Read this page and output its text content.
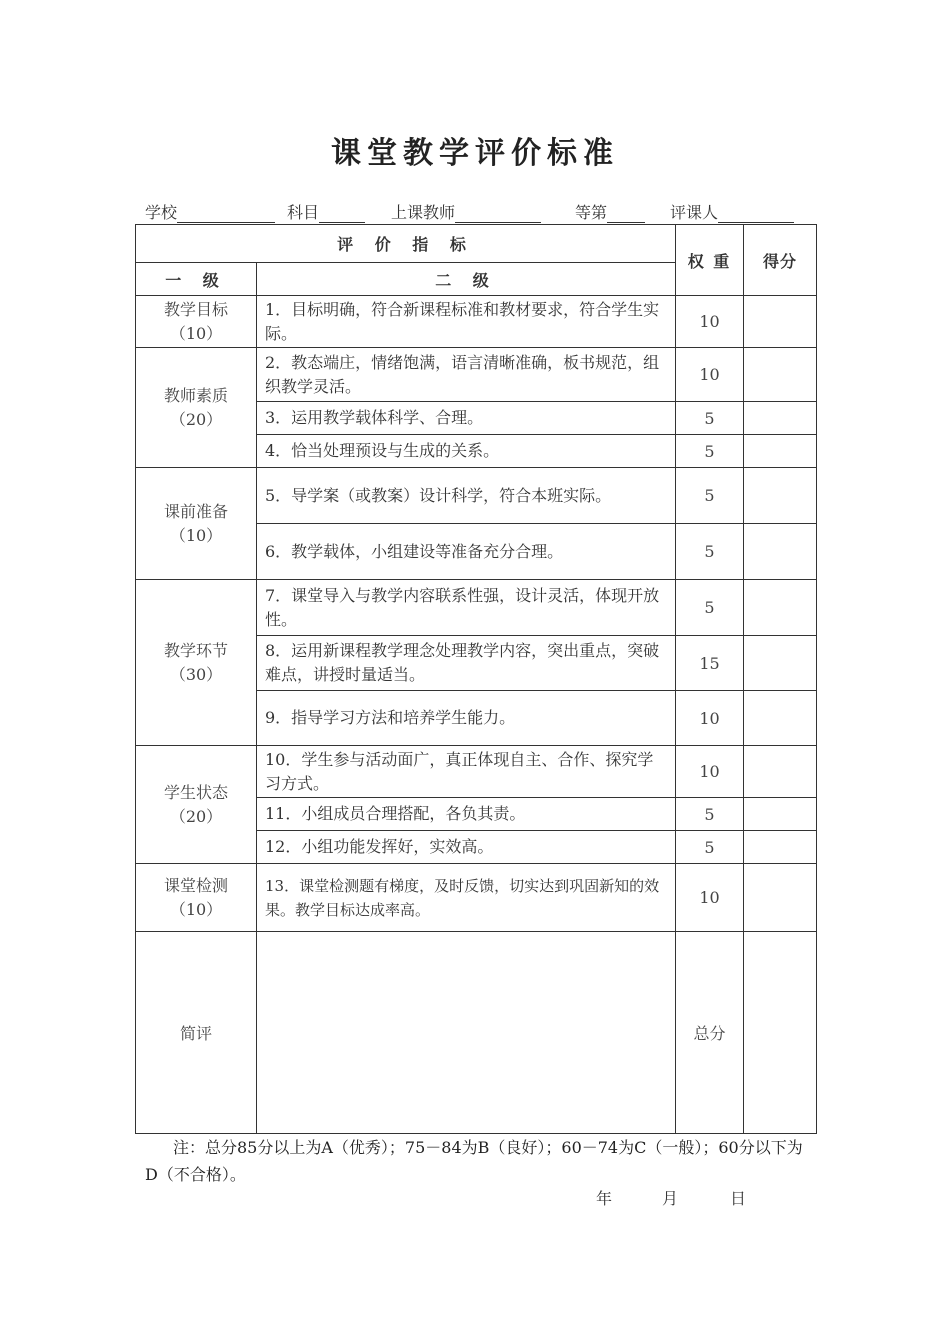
课堂教学评价标准
学校	科目	上课教师	等第	评课人
评 价 指 标		权 重	得分
一 级	二 级		

教学目标
（10）	1．目标明确，符合新课程标准和教材要求，符合学生实际。	10	

教师素质
（20）	2．教态端庄，情绪饱满，语言清晰准确，板书规范，组织教学灵活。	10	
	3．运用教学载体科学、合理。	5	
	4．恰当处理预设与生成的关系。	5	

课前准备
（10）	5．导学案（或教案）设计科学，符合本班实际。	5	
	6．教学载体，小组建设等准备充分合理。	5	

教学环节
（30）	7．课堂导入与教学内容联系性强，设计灵活，体现开放性。	5	
	8．运用新课程教学理念处理教学内容，突出重点，突破难点，讲授时量适当。	15	
	9．指导学习方法和培养学生能力。	10	

学生状态
（20）	10．学生参与活动面广，真正体现自主、合作、探究学习方式。	10	
	11．小组成员合理搭配，各负其责。	5	
	12．小组功能发挥好，实效高。	5	

课堂检测
（10）	13．课堂检测题有梯度，及时反馈，切实达到巩固新知的效果。教学目标达成率高。	10	
简评		总分	
注：总分85分以上为A（优秀）；75－84为B（良好）；60－74为C（一般）；60分以下为D（不合格）。
年	月	日
